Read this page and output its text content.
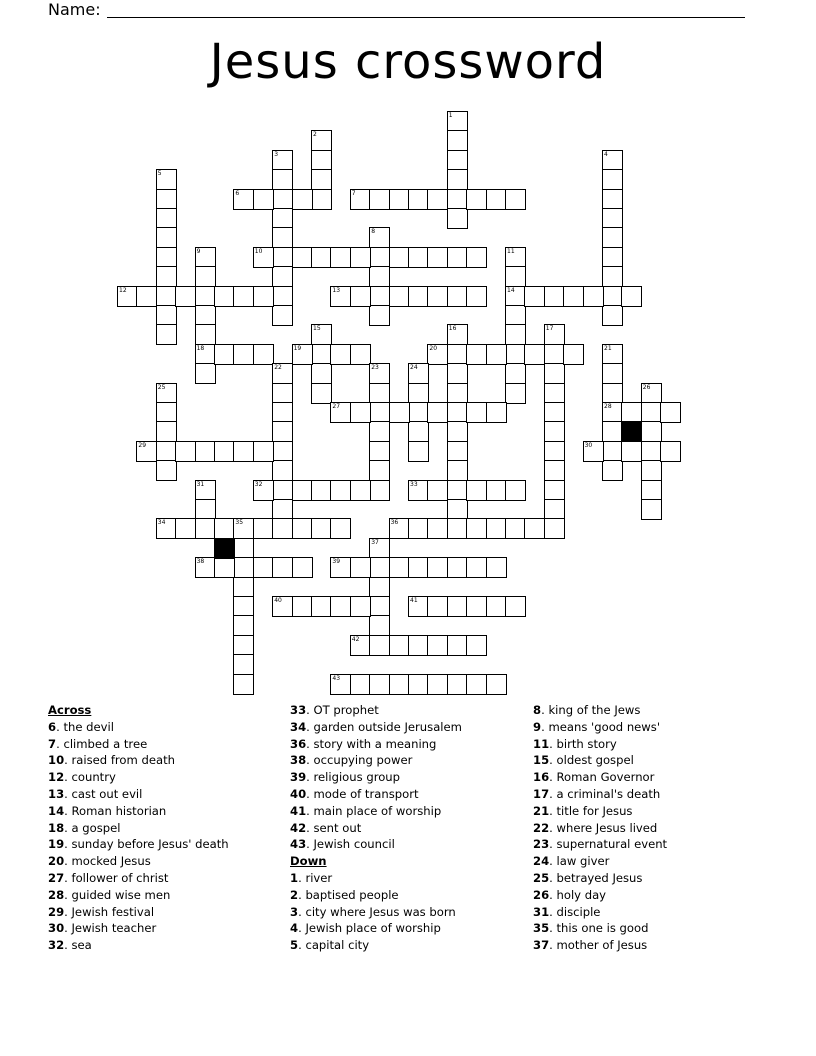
Name:
Jesus crossword
1
2
3	4
5
6	7
8
9
18
10	11
14
12	13
15	16	17
19	20	21
28
22	23	24
25	26
27
29	30
31	32	33
34	35	36
37
38	39
40	41
42
43
Across
6. the devil
7. climbed a tree
10. raised from death
12. country
13. cast out evil
14. Roman historian
18. a gospel
19. sunday before Jesus' death
20. mocked Jesus
27. follower of christ
28. guided wise men
29. Jewish festival
30. Jewish teacher
32. sea
33. OT prophet
34. garden outside Jerusalem
36. story with a meaning
38. occupying power
39. religious group
40. mode of transport
41. main place of worship
42. sent out
43. Jewish council
Down
1. river
2. baptised people
3. city where Jesus was born
4. Jewish place of worship
5. capital city
8. king of the Jews
9. means 'good news'
11. birth story
15. oldest gospel
16. Roman Governor
17. a criminal's death
21. title for Jesus
22. where Jesus lived
23. supernatural event
24. law giver
25. betrayed Jesus
26. holy day
31. disciple
35. this one is good
37. mother of Jesus
